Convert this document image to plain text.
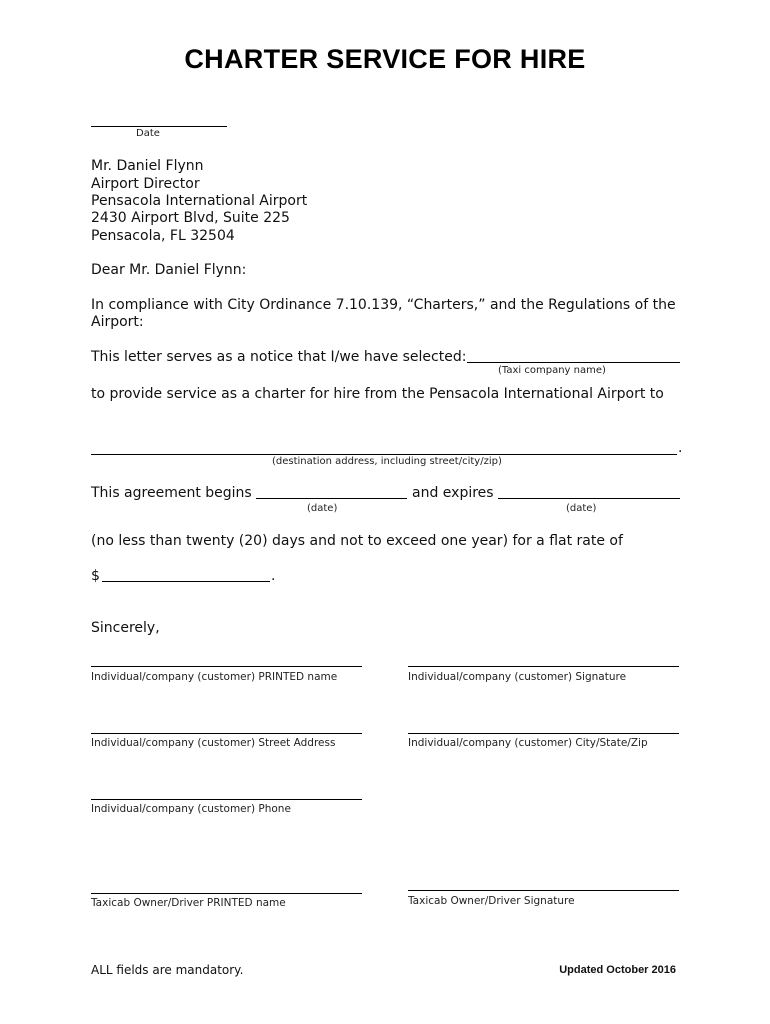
CHARTER SERVICE FOR HIRE
Date
Mr. Daniel Flynn
Airport Director
Pensacola International Airport
2430 Airport Blvd, Suite 225
Pensacola, FL 32504
Dear Mr. Daniel Flynn:
In compliance with City Ordinance 7.10.139, “Charters,” and the Regulations of the
Airport:
This letter serves as a notice that I/we have selected:
(Taxi company name)
to provide service as a charter for hire from the Pensacola International Airport to
.
(destination address, including street/city/zip)
This agreement begins	and expires
(date)	(date)
(no less than twenty (20) days and not to exceed one year) for a flat rate of
$	.
Sincerely,
Individual/company (customer) PRINTED name	Individual/company (customer) Signature
Individual/company (customer) Street Address	Individual/company (customer) City/State/Zip
Individual/company (customer) Phone
Taxicab Owner/Driver PRINTED name	Taxicab Owner/Driver Signature
ALL fields are mandatory.	Updated October 2016
